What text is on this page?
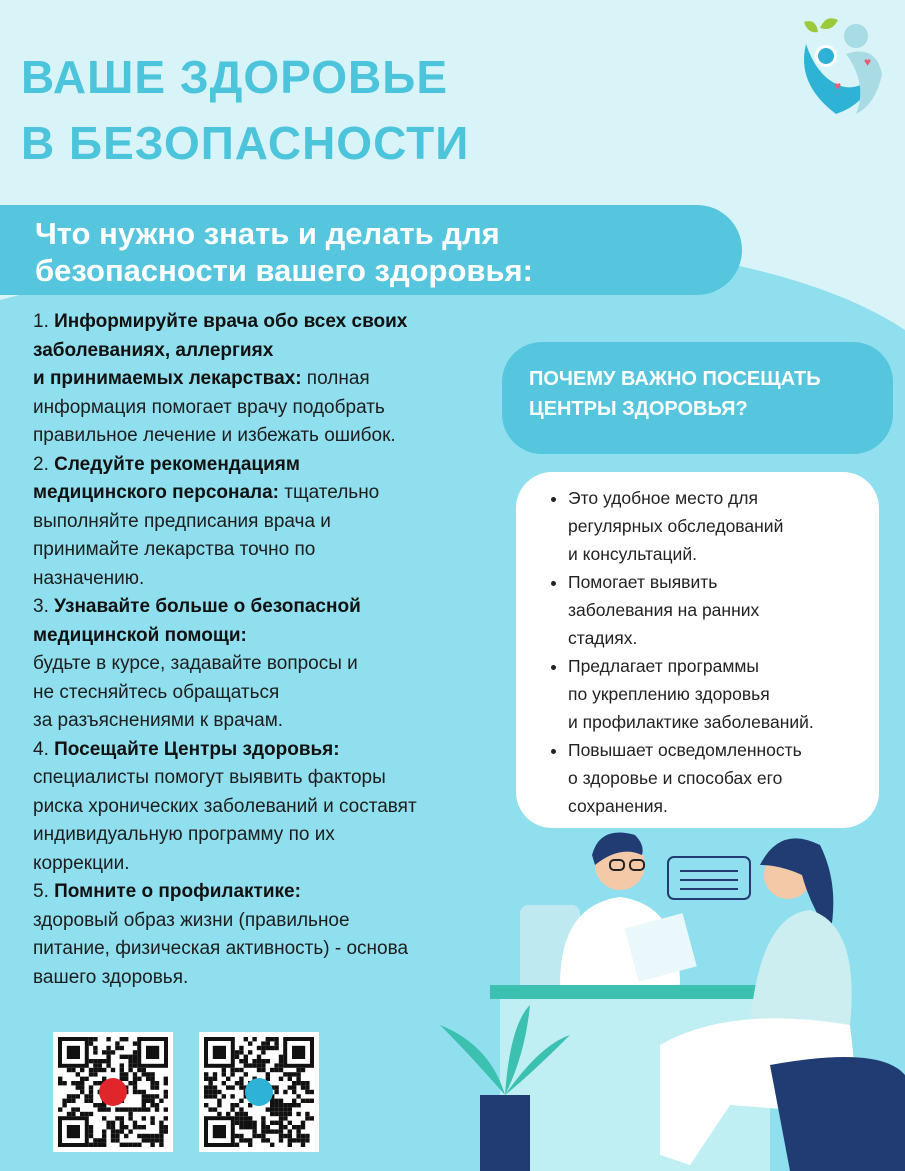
ВАШЕ ЗДОРОВЬЕ
В БЕЗОПАСНОСТИ
♥
♥
Что нужно знать и делать для
безопасности вашего здоровья:
1. Информируйте врача обо всех своих
заболеваниях, аллергиях
и принимаемых лекарствах: полная
информация помогает врачу подобрать
правильное лечение и избежать ошибок.
2. Следуйте рекомендациям
медицинского персонала: тщательно
выполняйте предписания врача и
принимайте лекарства точно по
назначению.
3. Узнавайте больше о безопасной
медицинской помощи:
будьте в курсе, задавайте вопросы и
не стесняйтесь обращаться
за разъяснениями к врачам.
4. Посещайте Центры здоровья:
специалисты помогут выявить факторы
риска хронических заболеваний и составят
индивидуальную программу по их
коррекции.
5. Помните о профилактике:
здоровый образ жизни (правильное
питание, физическая активность) - основа
вашего здоровья.
ПОЧЕМУ ВАЖНО ПОСЕЩАТЬ
ЦЕНТРЫ ЗДОРОВЬЯ?
• Это удобное место для
регулярных обследований
и консультаций.
• Помогает выявить
заболевания на ранних
стадиях.
• Предлагает программы
по укреплению здоровья
и профилактике заболеваний.
• Повышает осведомленность
о здоровье и способах его
сохранения.
